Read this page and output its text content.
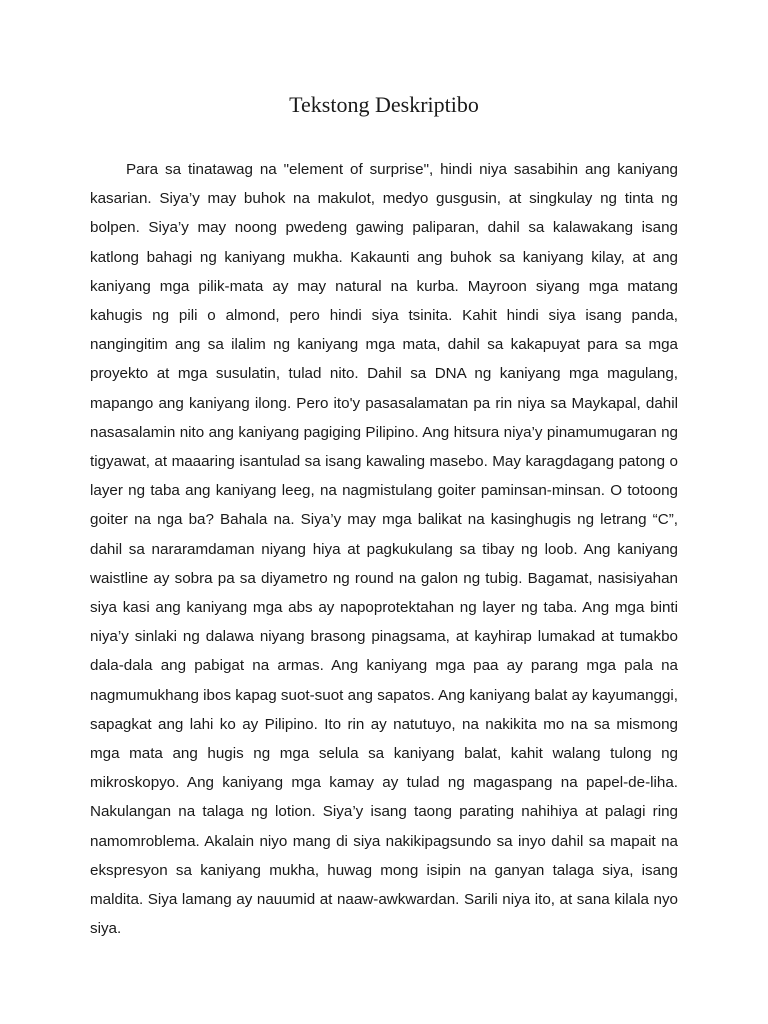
Tekstong Deskriptibo

Para sa tinatawag na "element of surprise", hindi niya sasabihin ang kaniyang kasarian. Siya’y may buhok na makulot, medyo gusgusin, at singkulay ng tinta ng bolpen. Siya’y may noong pwedeng gawing paliparan, dahil sa kalawakang isang katlong bahagi ng kaniyang mukha. Kakaunti ang buhok sa kaniyang kilay, at ang kaniyang mga pilik-mata ay may natural na kurba. Mayroon siyang mga matang kahugis ng pili o almond, pero hindi siya tsinita. Kahit hindi siya isang panda, nangingitim ang sa ilalim ng kaniyang mga mata, dahil sa kakapuyat para sa mga proyekto at mga susulatin, tulad nito. Dahil sa DNA ng kaniyang mga magulang, mapango ang kaniyang ilong. Pero ito'y pasasalamatan pa rin niya sa Maykapal, dahil nasasalamin nito ang kaniyang pagiging Pilipino. Ang hitsura niya’y pinamumugaran ng tigyawat, at maaaring isantulad sa isang kawaling masebo. May karagdagang patong o layer ng taba ang kaniyang leeg, na nagmistulang goiter paminsan-minsan. O totoong goiter na nga ba? Bahala na. Siya’y may mga balikat na kasinghugis ng letrang “C”, dahil sa nararamdaman niyang hiya at pagkukulang sa tibay ng loob. Ang kaniyang waistline ay sobra pa sa diyametro ng round na galon ng tubig. Bagamat, nasisiyahan siya kasi ang kaniyang mga abs ay napoprotektahan ng layer ng taba. Ang mga binti niya’y sinlaki ng dalawa niyang brasong pinagsama, at kayhirap lumakad at tumakbo dala-dala ang pabigat na armas. Ang kaniyang mga paa ay parang mga pala na nagmumukhang ibos kapag suot-suot ang sapatos. Ang kaniyang balat ay kayumanggi, sapagkat ang lahi ko ay Pilipino. Ito rin ay natutuyo, na nakikita mo na sa mismong mga mata ang hugis ng mga selula sa kaniyang balat, kahit walang tulong ng mikroskopyo. Ang kaniyang mga kamay ay tulad ng magaspang na papel-de-liha. Nakulangan na talaga ng lotion. Siya’y isang taong parating nahihiya at palagi ring namomroblema. Akalain niyo mang di siya nakikipagsundo sa inyo dahil sa mapait na ekspresyon sa kaniyang mukha, huwag mong isipin na ganyan talaga siya, isang maldita. Siya lamang ay nauumid at naaw-awkwardan. Sarili niya ito, at sana kilala nyo siya.
